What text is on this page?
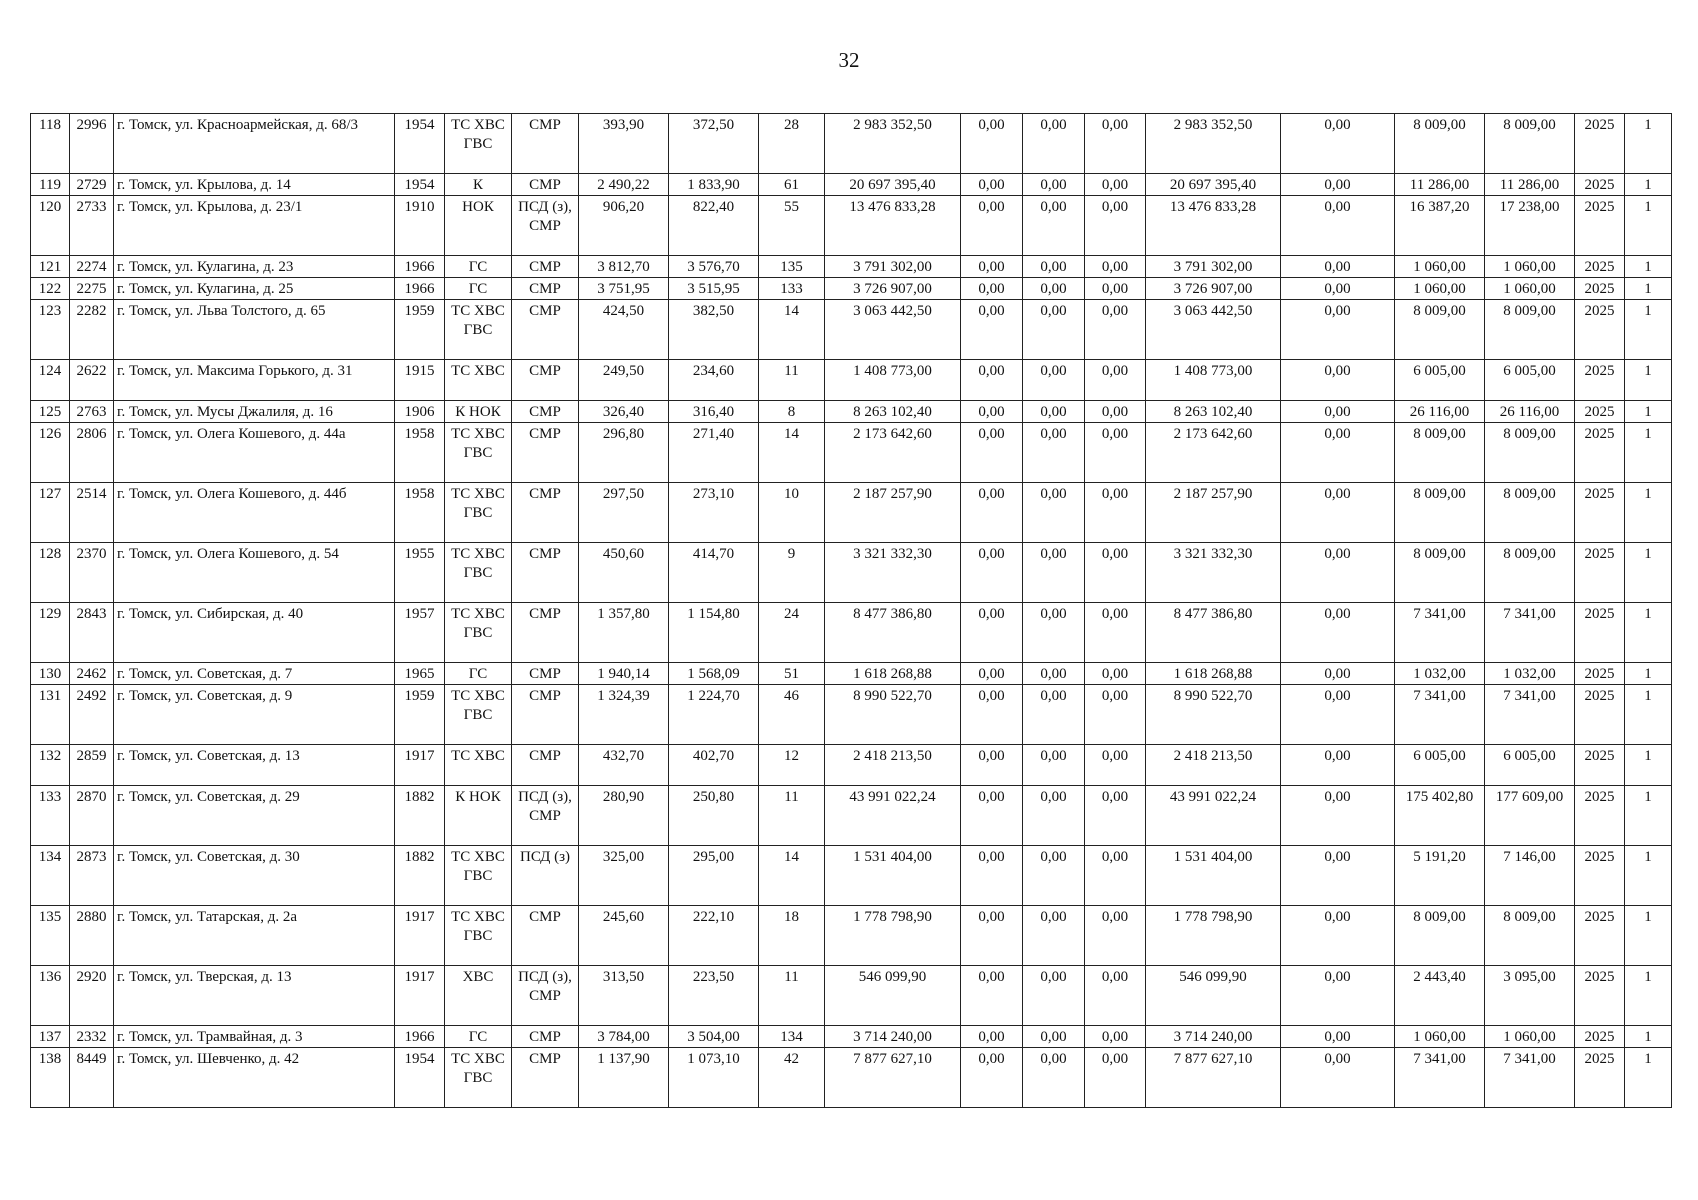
32
118	2996	г. Томск, ул. Красноармейская, д. 68/3	1954	ТС ХВС ГВС	СМР	393,90	372,50	28	2 983 352,50	0,00	0,00	0,00	2 983 352,50	0,00	8 009,00	8 009,00	2025	1
119	2729	г. Томск, ул. Крылова, д. 14	1954	К	СМР	2 490,22	1 833,90	61	20 697 395,40	0,00	0,00	0,00	20 697 395,40	0,00	11 286,00	11 286,00	2025	1
120	2733	г. Томск, ул. Крылова, д. 23/1	1910	НОК	ПСД (з), СМР	906,20	822,40	55	13 476 833,28	0,00	0,00	0,00	13 476 833,28	0,00	16 387,20	17 238,00	2025	1
121	2274	г. Томск, ул. Кулагина, д. 23	1966	ГС	СМР	3 812,70	3 576,70	135	3 791 302,00	0,00	0,00	0,00	3 791 302,00	0,00	1 060,00	1 060,00	2025	1
122	2275	г. Томск, ул. Кулагина, д. 25	1966	ГС	СМР	3 751,95	3 515,95	133	3 726 907,00	0,00	0,00	0,00	3 726 907,00	0,00	1 060,00	1 060,00	2025	1
123	2282	г. Томск, ул. Льва Толстого, д. 65	1959	ТС ХВС ГВС	СМР	424,50	382,50	14	3 063 442,50	0,00	0,00	0,00	3 063 442,50	0,00	8 009,00	8 009,00	2025	1
124	2622	г. Томск, ул. Максима Горького, д. 31	1915	ТС ХВС	СМР	249,50	234,60	11	1 408 773,00	0,00	0,00	0,00	1 408 773,00	0,00	6 005,00	6 005,00	2025	1
125	2763	г. Томск, ул. Мусы Джалиля, д. 16	1906	К НОК	СМР	326,40	316,40	8	8 263 102,40	0,00	0,00	0,00	8 263 102,40	0,00	26 116,00	26 116,00	2025	1
126	2806	г. Томск, ул. Олега Кошевого, д. 44а	1958	ТС ХВС ГВС	СМР	296,80	271,40	14	2 173 642,60	0,00	0,00	0,00	2 173 642,60	0,00	8 009,00	8 009,00	2025	1
127	2514	г. Томск, ул. Олега Кошевого, д. 44б	1958	ТС ХВС ГВС	СМР	297,50	273,10	10	2 187 257,90	0,00	0,00	0,00	2 187 257,90	0,00	8 009,00	8 009,00	2025	1
128	2370	г. Томск, ул. Олега Кошевого, д. 54	1955	ТС ХВС ГВС	СМР	450,60	414,70	9	3 321 332,30	0,00	0,00	0,00	3 321 332,30	0,00	8 009,00	8 009,00	2025	1
129	2843	г. Томск, ул. Сибирская, д. 40	1957	ТС ХВС ГВС	СМР	1 357,80	1 154,80	24	8 477 386,80	0,00	0,00	0,00	8 477 386,80	0,00	7 341,00	7 341,00	2025	1
130	2462	г. Томск, ул. Советская, д. 7	1965	ГС	СМР	1 940,14	1 568,09	51	1 618 268,88	0,00	0,00	0,00	1 618 268,88	0,00	1 032,00	1 032,00	2025	1
131	2492	г. Томск, ул. Советская, д. 9	1959	ТС ХВС ГВС	СМР	1 324,39	1 224,70	46	8 990 522,70	0,00	0,00	0,00	8 990 522,70	0,00	7 341,00	7 341,00	2025	1
132	2859	г. Томск, ул. Советская, д. 13	1917	ТС ХВС	СМР	432,70	402,70	12	2 418 213,50	0,00	0,00	0,00	2 418 213,50	0,00	6 005,00	6 005,00	2025	1
133	2870	г. Томск, ул. Советская, д. 29	1882	К НОК	ПСД (з), СМР	280,90	250,80	11	43 991 022,24	0,00	0,00	0,00	43 991 022,24	0,00	175 402,80	177 609,00	2025	1
134	2873	г. Томск, ул. Советская, д. 30	1882	ТС ХВС ГВС	ПСД (з)	325,00	295,00	14	1 531 404,00	0,00	0,00	0,00	1 531 404,00	0,00	5 191,20	7 146,00	2025	1
135	2880	г. Томск, ул. Татарская, д. 2а	1917	ТС ХВС ГВС	СМР	245,60	222,10	18	1 778 798,90	0,00	0,00	0,00	1 778 798,90	0,00	8 009,00	8 009,00	2025	1
136	2920	г. Томск, ул. Тверская, д. 13	1917	ХВС	ПСД (з), СМР	313,50	223,50	11	546 099,90	0,00	0,00	0,00	546 099,90	0,00	2 443,40	3 095,00	2025	1
137	2332	г. Томск, ул. Трамвайная, д. 3	1966	ГС	СМР	3 784,00	3 504,00	134	3 714 240,00	0,00	0,00	0,00	3 714 240,00	0,00	1 060,00	1 060,00	2025	1
138	8449	г. Томск, ул. Шевченко, д. 42	1954	ТС ХВС ГВС	СМР	1 137,90	1 073,10	42	7 877 627,10	0,00	0,00	0,00	7 877 627,10	0,00	7 341,00	7 341,00	2025	1
